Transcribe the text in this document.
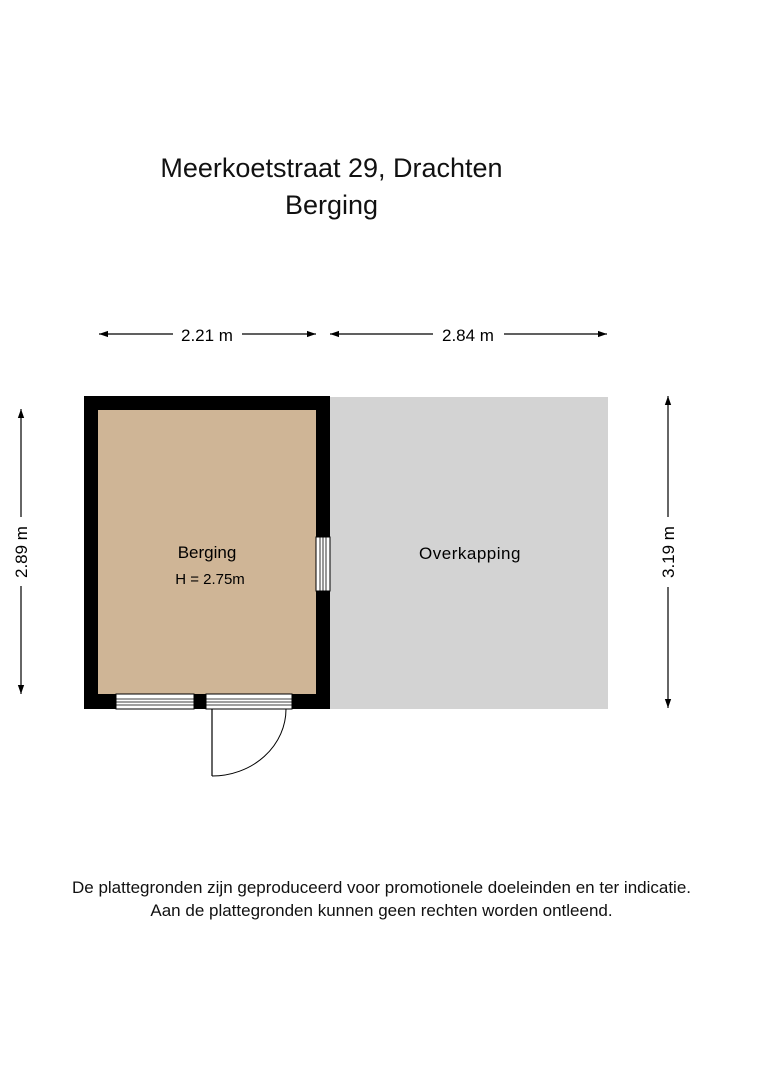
Meerkoetstraat 29, Drachten
Berging
2.21 m	2.84 m
2.89 m	3.19 m
Berging
H = 2.75m
Overkapping
De plattegronden zijn geproduceerd voor promotionele doeleinden en ter indicatie.
Aan de plattegronden kunnen geen rechten worden ontleend.
